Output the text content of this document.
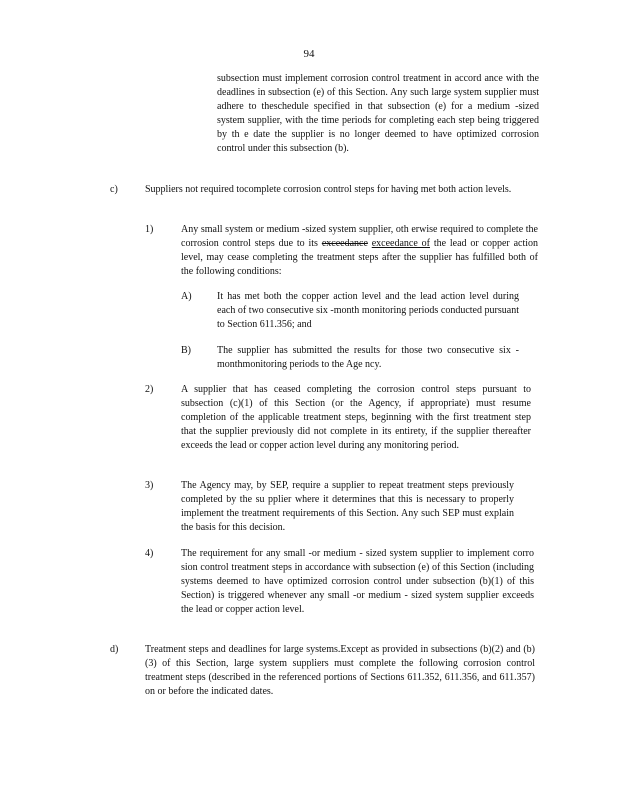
94
subsection must implement corrosion control treatment in accord ance with the deadlines in subsection (e) of this Section. Any such large system supplier must adhere to theschedule specified in that subsection (e) for a medium -sized system supplier, with the time periods for completing each step being triggered by th e date the supplier is no longer deemed to have optimized corrosion control under this subsection (b).
c)	Suppliers not required tocomplete corrosion control steps for having met both action levels.
1)	Any small system or medium -sized system supplier, oth erwise required to complete the corrosion control steps due to its exceedance exceedance of the lead or copper action level, may cease completing the treatment steps after the supplier has fulfilled both of the following conditions:
A)	It has met both the copper action level and the lead action level during each of two consecutive six -month monitoring periods conducted pursuant to Section 611.356; and
B)	The supplier has submitted the results for those two consecutive six -monthmonitoring periods to the Age ncy.
2)	A supplier that has ceased completing the corrosion control steps pursuant to subsection (c)(1) of this Section (or the Agency, if appropriate) must resume completion of the applicable treatment steps, beginning with the first treatment step that the supplier previously did not complete in its entirety, if the supplier thereafter exceeds the lead or copper action level during any monitoring period.
3)	The Agency may, by SEP, require a supplier to repeat treatment steps previously completed by the su pplier where it determines that this is necessary to properly implement the treatment requirements of this Section. Any such SEP must explain the basis for this decision.
4)	The requirement for any small -or medium - sized system supplier to implement corro sion control treatment steps in accordance with subsection (e) of this Section (including systems deemed to have optimized corrosion control under subsection (b)(1) of this Section) is triggered whenever any small -or medium - sized system supplier exceeds the lead or copper action level.
d)	Treatment steps and deadlines for large systems.Except as provided in subsections (b)(2) and (b)(3) of this Section, large system suppliers must complete the following corrosion control treatment steps (described in the referenced portions of Sections 611.352, 611.356, and 611.357) on or before the indicated dates.
